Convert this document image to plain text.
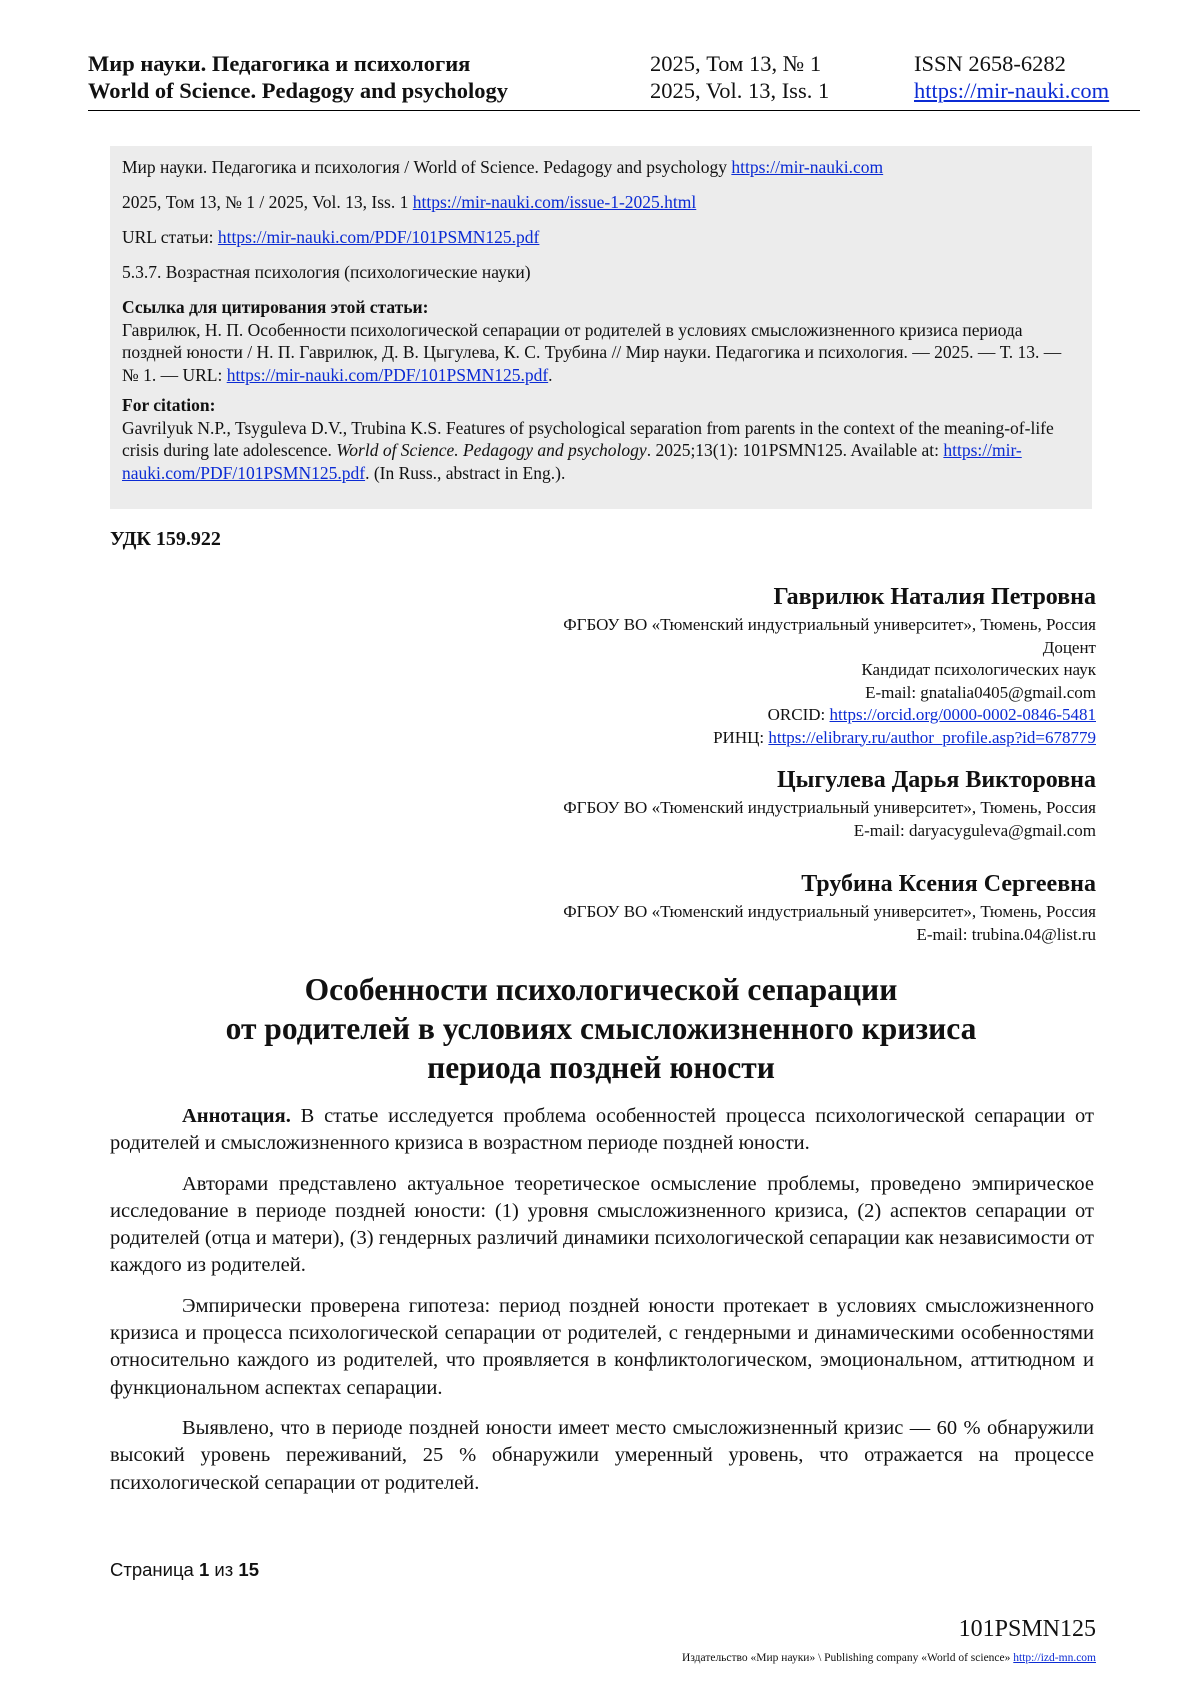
Мир науки. Педагогика и психология	2025, Том 13, № 1	ISSN 2658-6282
World of Science. Pedagogy and psychology	2025, Vol. 13, Iss. 1	https://mir-nauki.com
Мир науки. Педагогика и психология / World of Science. Pedagogy and psychology https://mir-nauki.com
2025, Том 13, № 1 / 2025, Vol. 13, Iss. 1 https://mir-nauki.com/issue-1-2025.html
URL статьи: https://mir-nauki.com/PDF/101PSMN125.pdf
5.3.7. Возрастная психология (психологические науки)
Ссылка для цитирования этой статьи:
Гаврилюк, Н. П. Особенности психологической сепарации от родителей в условиях смысложизненного кризиса периода поздней юности / Н. П. Гаврилюк, Д. В. Цыгулева, К. С. Трубина // Мир науки. Педагогика и психология. — 2025. — Т. 13. — № 1. — URL: https://mir-nauki.com/PDF/101PSMN125.pdf.
For citation:
Gavrilyuk N.P., Tsyguleva D.V., Trubina K.S. Features of psychological separation from parents in the context of the meaning-of-life crisis during late adolescence. World of Science. Pedagogy and psychology. 2025;13(1): 101PSMN125. Available at: https://mir-nauki.com/PDF/101PSMN125.pdf. (In Russ., abstract in Eng.).
УДК 159.922
Гаврилюк Наталия Петровна
ФГБОУ ВО «Тюменский индустриальный университет», Тюмень, Россия
Доцент
Кандидат психологических наук
E-mail: gnatalia0405@gmail.com
ORCID: https://orcid.org/0000-0002-0846-5481
РИНЦ: https://elibrary.ru/author_profile.asp?id=678779
Цыгулева Дарья Викторовна
ФГБОУ ВО «Тюменский индустриальный университет», Тюмень, Россия
E-mail: daryacyguleva@gmail.com
Трубина Ксения Сергеевна
ФГБОУ ВО «Тюменский индустриальный университет», Тюмень, Россия
E-mail: trubina.04@list.ru
Особенности психологической сепарации
от родителей в условиях смысложизненного кризиса
периода поздней юности

Аннотация. В статье исследуется проблема особенностей процесса психологической сепарации от родителей и смысложизненного кризиса в возрастном периоде поздней юности.

Авторами представлено актуальное теоретическое осмысление проблемы, проведено эмпирическое исследование в периоде поздней юности: (1) уровня смысложизненного кризиса, (2) аспектов сепарации от родителей (отца и матери), (3) гендерных различий динамики психологической сепарации как независимости от каждого из родителей.

Эмпирически проверена гипотеза: период поздней юности протекает в условиях смысложизненного кризиса и процесса психологической сепарации от родителей, с гендерными и динамическими особенностями относительно каждого из родителей, что проявляется в конфликтологическом, эмоциональном, аттитюдном и функциональном аспектах сепарации.

Выявлено, что в периоде поздней юности имеет место смысложизненный кризис — 60 % обнаружили высокий уровень переживаний, 25 % обнаружили умеренный уровень, что отражается на процессе психологической сепарации от родителей.

Страница 1 из 15
101PSMN125
Издательство «Мир науки» \ Publishing company «World of science» http://izd-mn.com
